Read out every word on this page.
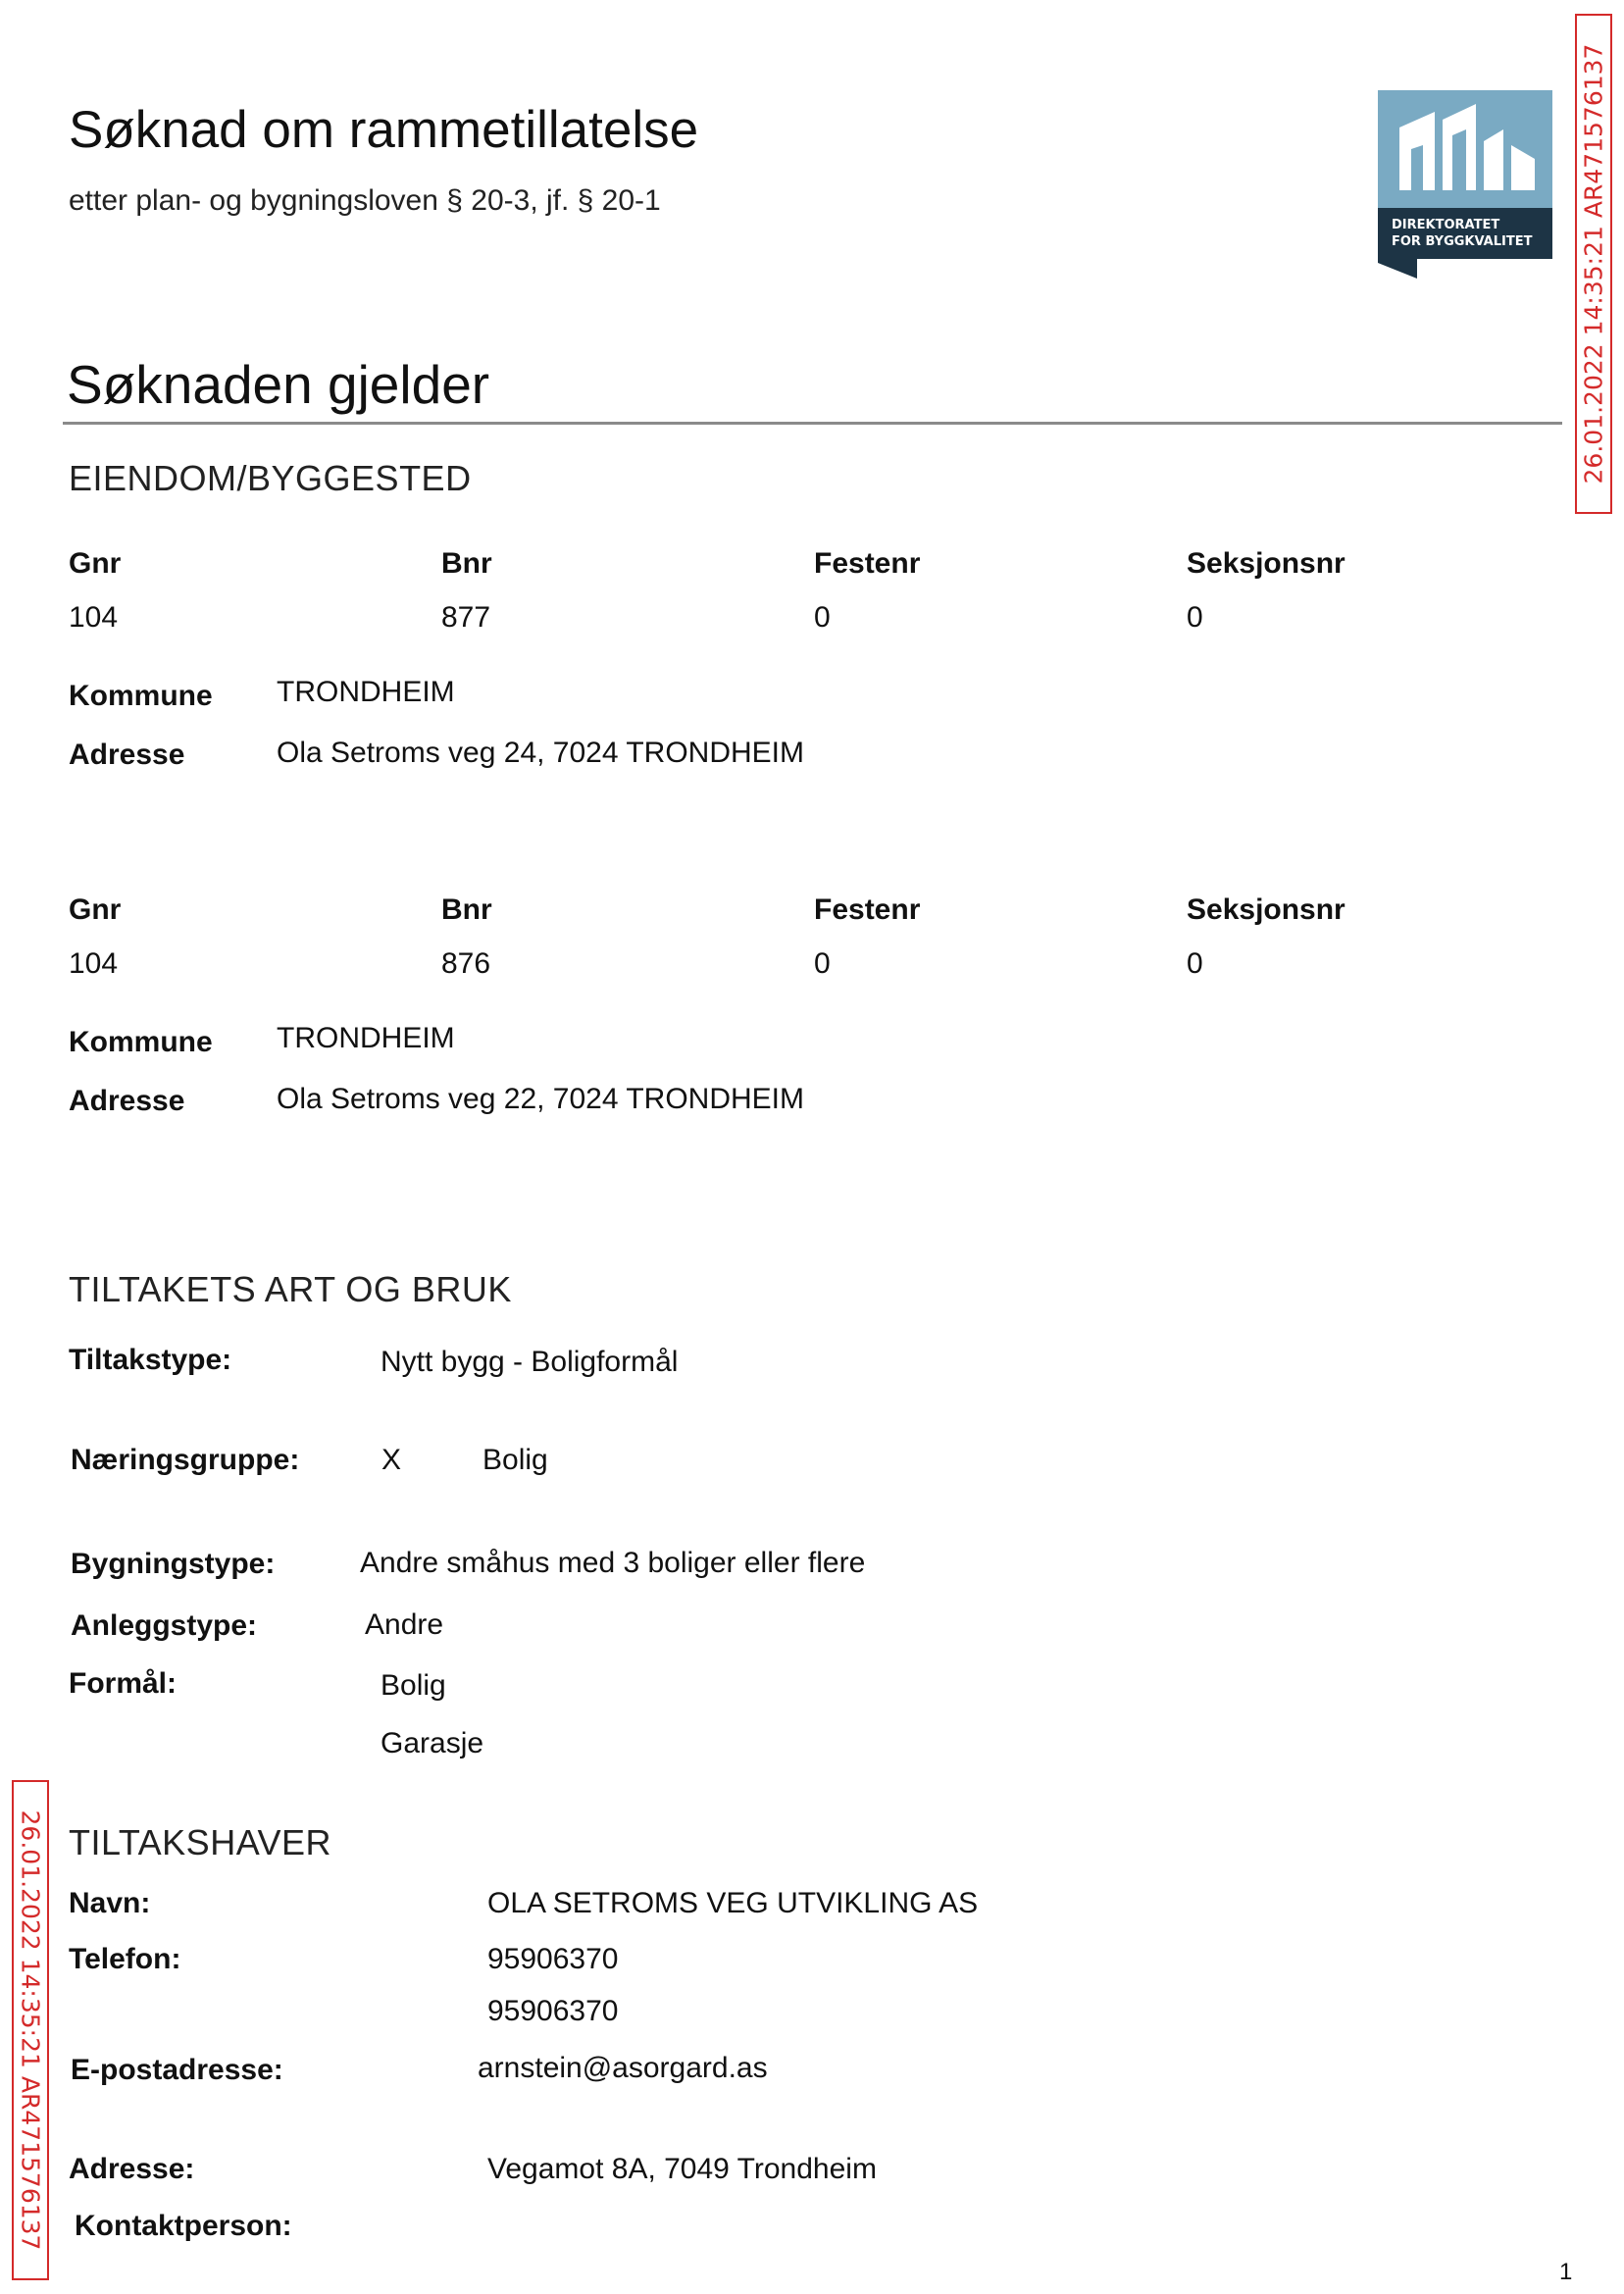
Søknad om rammetillatelse
etter plan- og bygningsloven § 20-3, jf. § 20-1
DIREKTORATET
FOR BYGGKVALITET 26.01.2022 14:35:21 AR471576137
26.01.2022 14:35:21 AR471576137
Søknaden gjelder
EIENDOM/BYGGESTED
Gnr	Bnr	Festenr	Seksjonsnr
104	877	0	0
Kommune TRONDHEIM
Adresse	Ola Setroms veg 24, 7024 TRONDHEIM
Gnr	Bnr	Festenr	Seksjonsnr
104	876	0	0
Kommune TRONDHEIM
Adresse	Ola Setroms veg 22, 7024 TRONDHEIM
TILTAKETS ART OG BRUK
Tiltakstype:	Nytt bygg - Boligformål
Næringsgruppe:	X	Bolig
Bygningstype:	Andre småhus med 3 boliger eller flere
Anleggstype:	Andre
Formål:	Bolig
Garasje
TILTAKSHAVER
Navn:	OLA SETROMS VEG UTVIKLING AS
Telefon:	95906370
95906370
E-postadresse:	arnstein@asorgard.as
Adresse:	Vegamot 8A, 7049 Trondheim
Kontaktperson:
1
